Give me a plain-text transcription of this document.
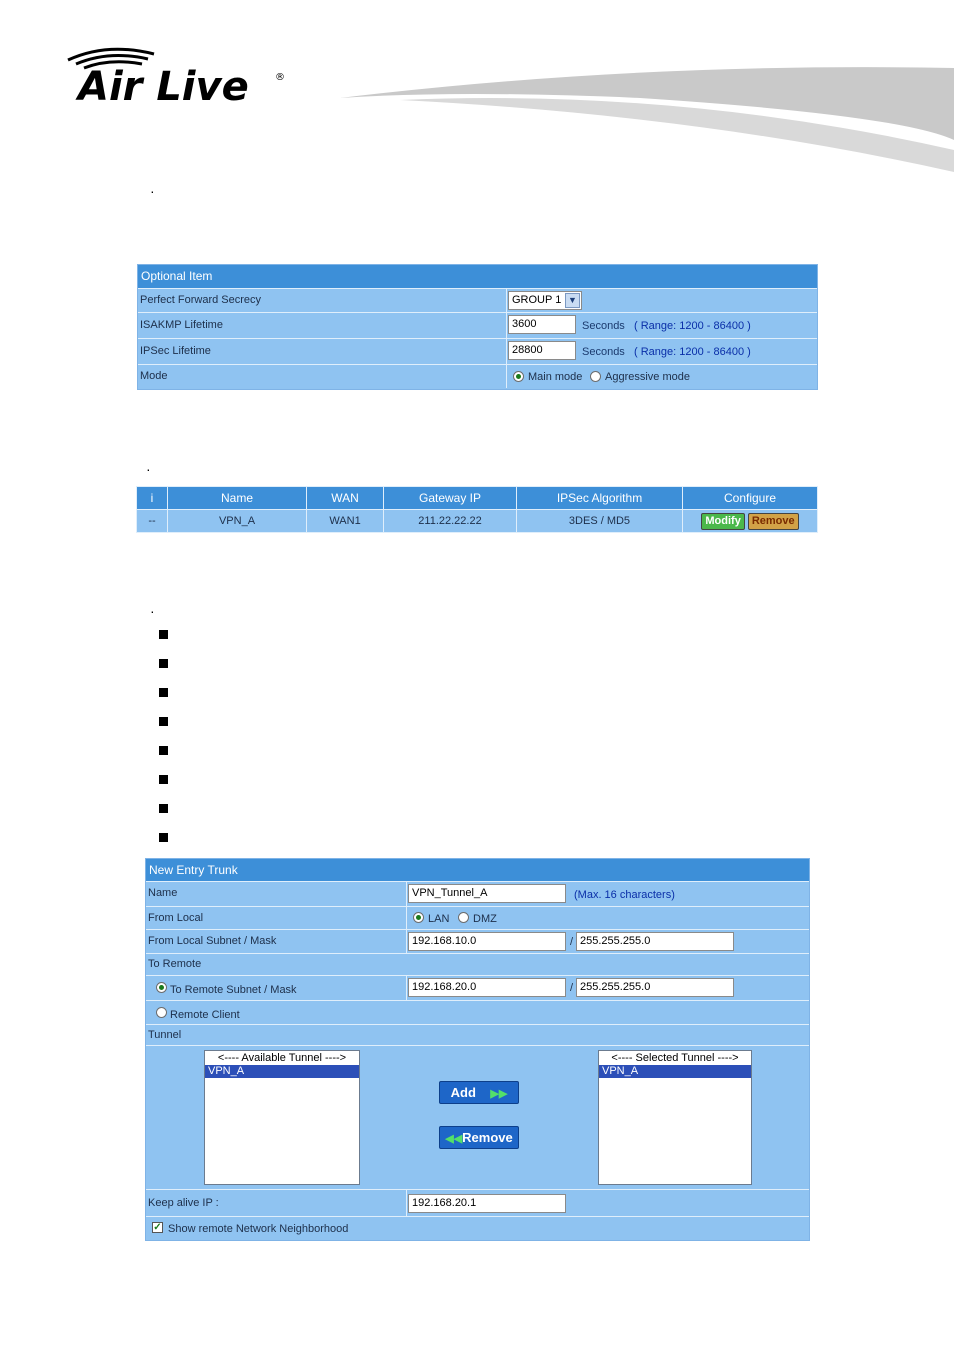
Air Live	®
·
Optional Item
Perfect Forward Secrecy	GROUP 1 ▼
ISAKMP Lifetime	3600	Seconds ( Range: 1200 - 86400 )
IPSec Lifetime	28800	Seconds ( Range: 1200 - 86400 )
Mode	Main mode Aggressive mode
·
i	Name	WAN	Gateway IP	IPSec Algorithm	Configure
--	VPN_A	WAN1	211.22.22.22	3DES / MD5	Modify Remove
·
New Entry Trunk
Name	VPN_Tunnel_A	(Max. 16 characters)
From Local	LAN DMZ
From Local Subnet / Mask	192.168.10.0	/ 255.255.255.0
To Remote
To Remote Subnet / Mask	192.168.20.0	/ 255.255.255.0
Remote Client
Tunnel
<---- Available Tunnel ---->
VPN_A
Add ▶▶
◀◀Remove
<---- Selected Tunnel ---->
VPN_A
Keep alive IP :	192.168.20.1
✓ Show remote Network Neighborhood
